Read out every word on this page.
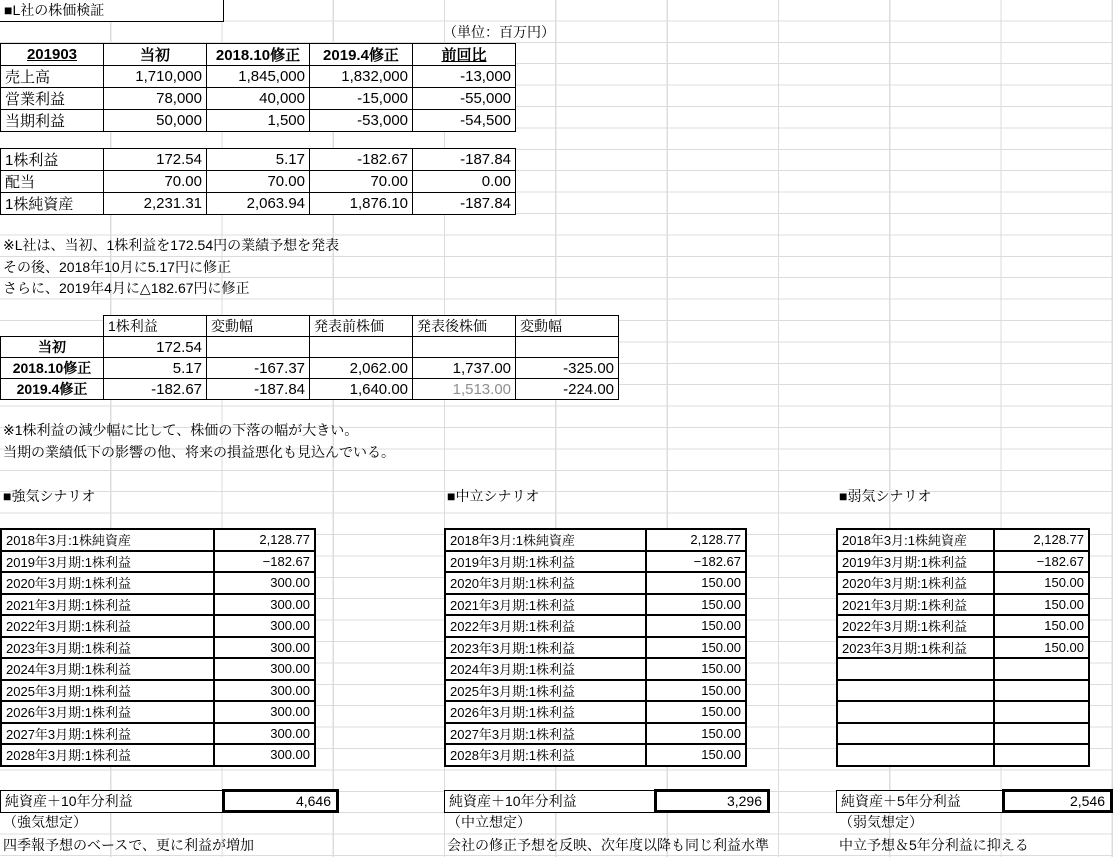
■L社の株価検証
（単位：百万円）
201903	当初	2018.10修正	2019.4修正	前回比
売上高	1,710,000	1,845,000	1,832,000	-13,000
営業利益	78,000	40,000	-15,000	-55,000
当期利益	50,000	1,500	-53,000	-54,500
1株利益	172.54	5.17	-182.67	-187.84
配当	70.00	70.00	70.00	0.00
1株純資産	2,231.31	2,063.94	1,876.10	-187.84
※L社は、当初、1株利益を172.54円の業績予想を発表
その後、2018年10月に5.17円に修正
さらに、2019年4月に△182.67円に修正
	1株利益	変動幅	発表前株価	発表後株価	変動幅
当初	172.54				
2018.10修正	5.17	-167.37	2,062.00	1,737.00	-325.00
2019.4修正	-182.67	-187.84	1,640.00	1,513.00	-224.00
※1株利益の減少幅に比して、株価の下落の幅が大きい。
当期の業績低下の影響の他、将来の損益悪化も見込んでいる。
■強気シナリオ	■中立シナリオ	■弱気シナリオ
2018年3月:1株純資産	2,128.77
2019年3月期:1株利益	−182.67
2020年3月期:1株利益	300.00
2021年3月期:1株利益	300.00
2022年3月期:1株利益	300.00
2023年3月期:1株利益	300.00
2024年3月期:1株利益	300.00
2025年3月期:1株利益	300.00
2026年3月期:1株利益	300.00
2027年3月期:1株利益	300.00
2028年3月期:1株利益	300.00
2018年3月:1株純資産	2,128.77
2019年3月期:1株利益	−182.67
2020年3月期:1株利益	150.00
2021年3月期:1株利益	150.00
2022年3月期:1株利益	150.00
2023年3月期:1株利益	150.00
2024年3月期:1株利益	150.00
2025年3月期:1株利益	150.00
2026年3月期:1株利益	150.00
2027年3月期:1株利益	150.00
2028年3月期:1株利益	150.00
2018年3月:1株純資産	2,128.77
2019年3月期:1株利益	−182.67
2020年3月期:1株利益	150.00
2021年3月期:1株利益	150.00
2022年3月期:1株利益	150.00
2023年3月期:1株利益	150.00

純資産＋10年分利益	4,646
（強気想定）
四季報予想のベースで、更に利益が増加
純資産＋10年分利益	3,296
（中立想定）
会社の修正予想を反映、次年度以降も同じ利益水準
純資産＋5年分利益	2,546
（弱気想定）
中立予想＆5年分利益に抑える
